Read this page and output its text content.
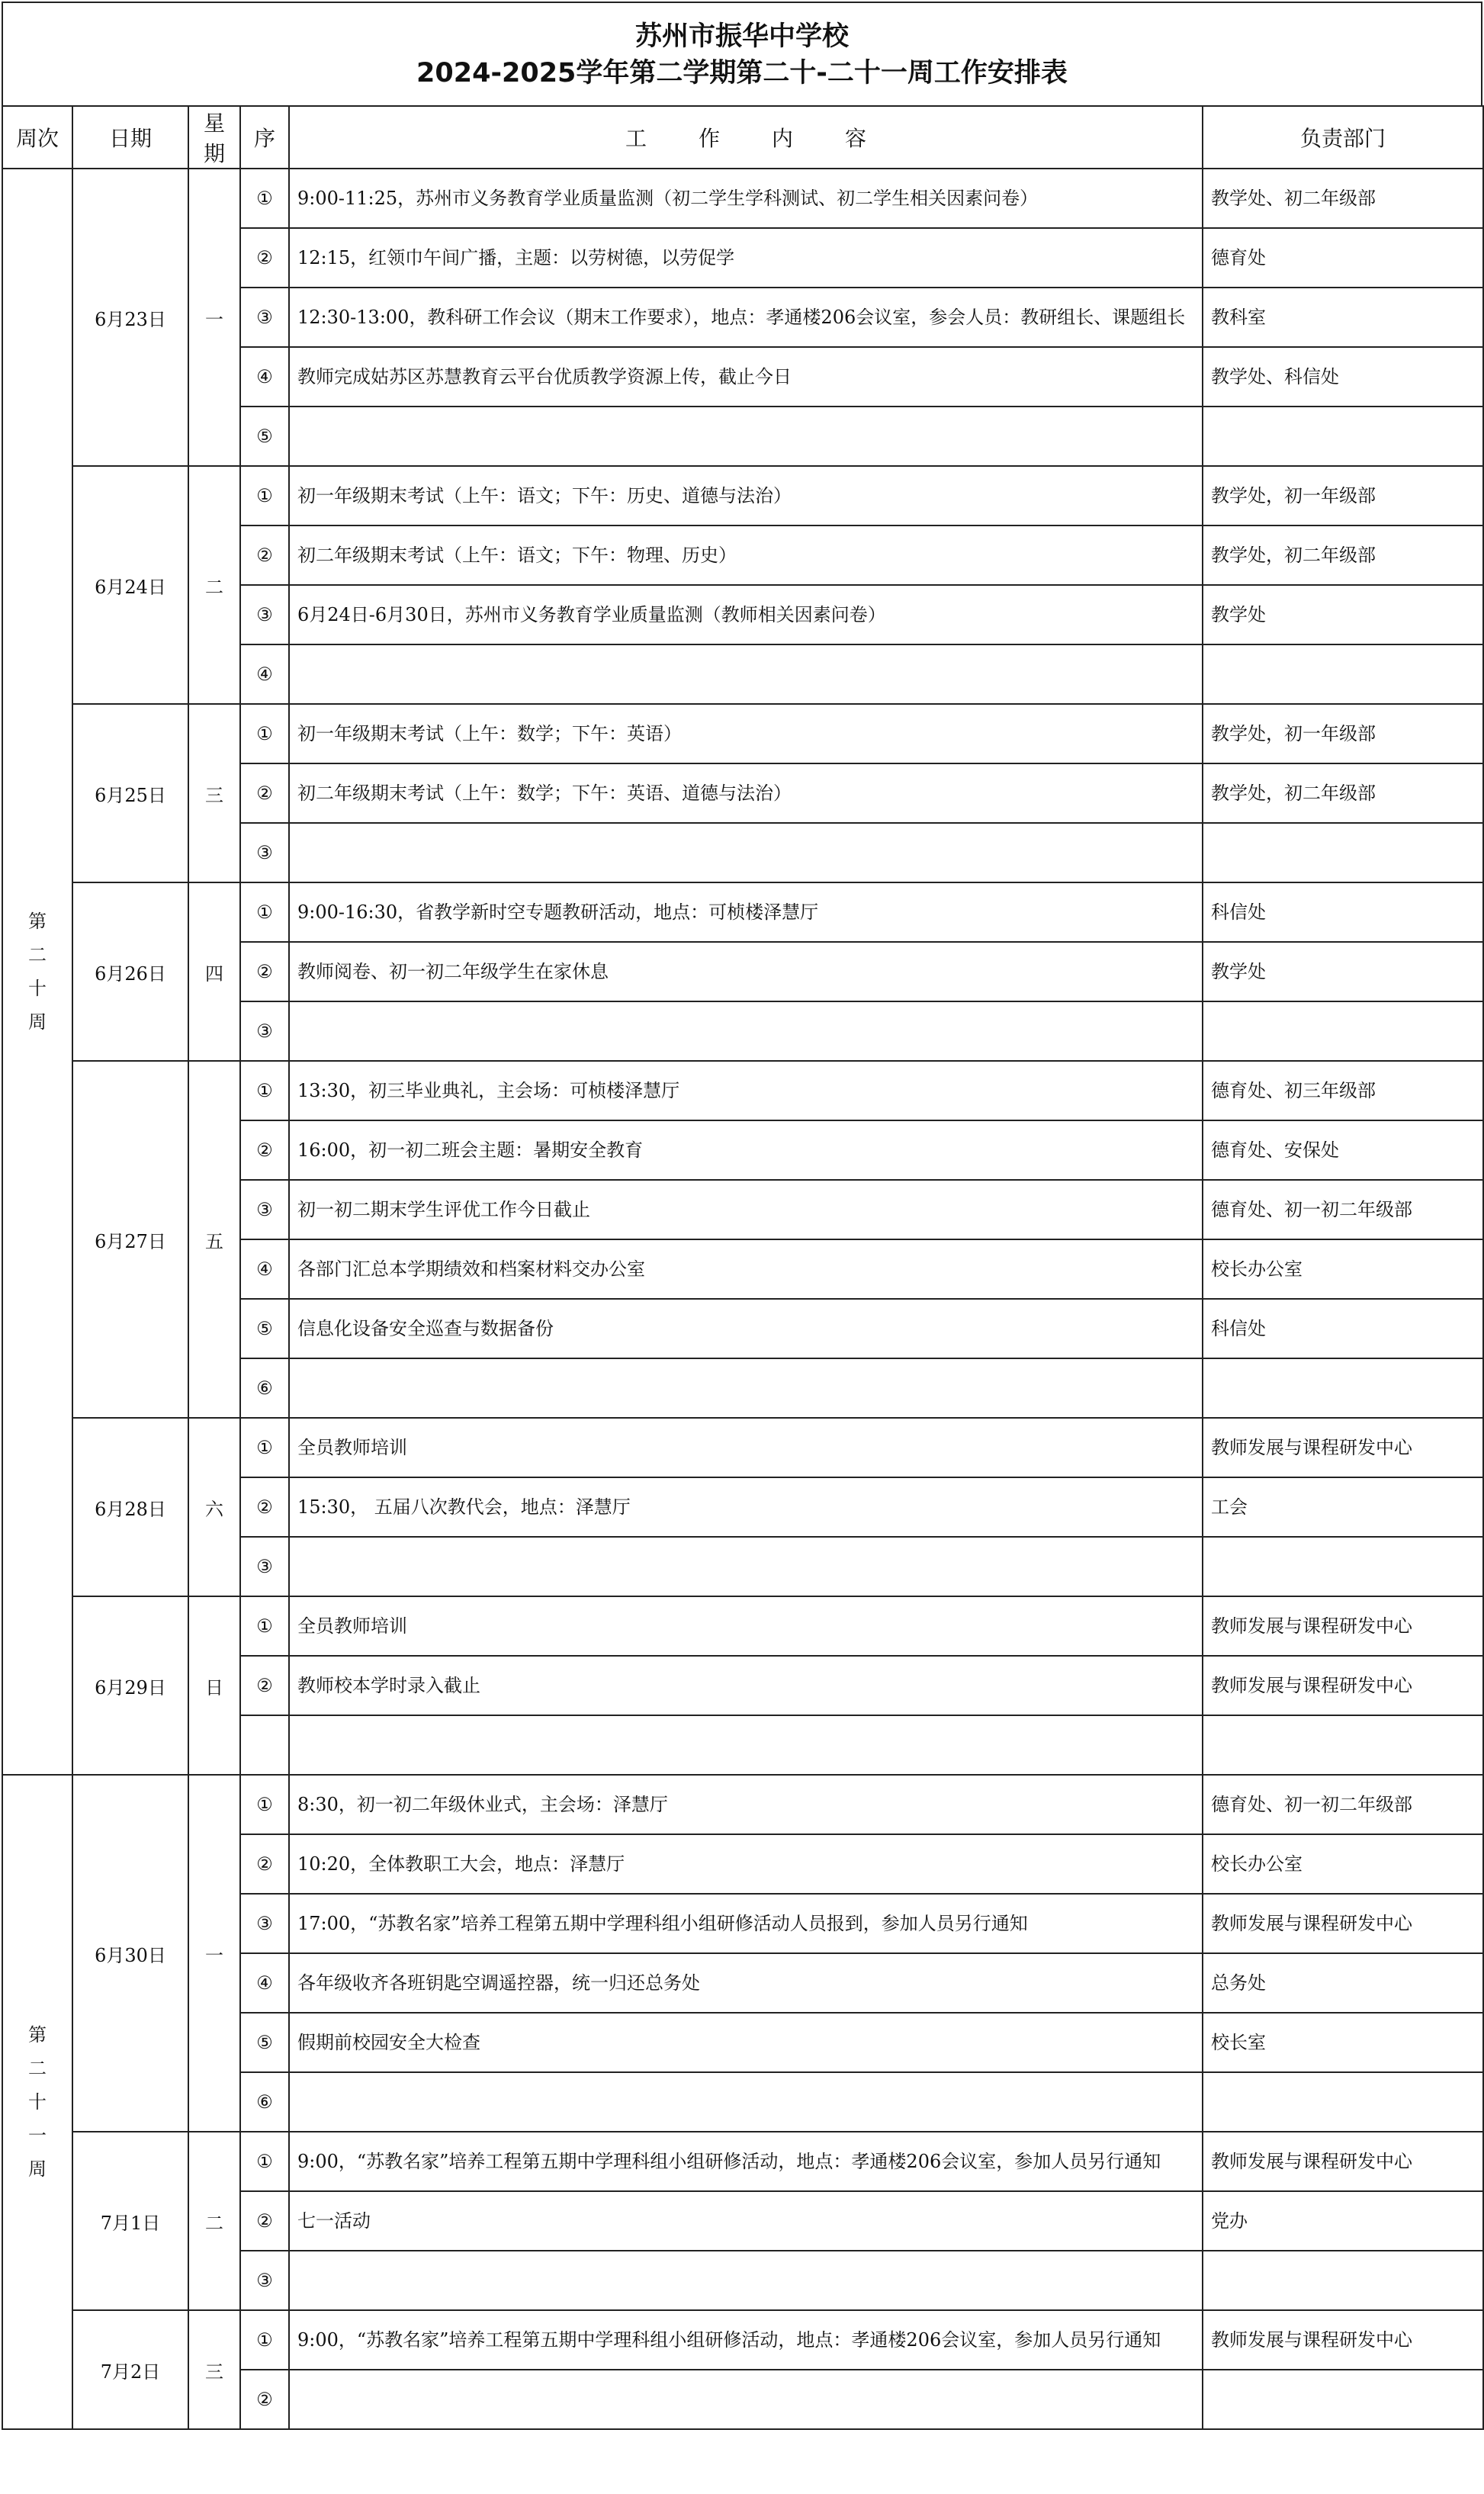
苏州市振华中学校
2024-2025学年第二学期第二十-二十一周工作安排表
周次	日期	星期	序	工作内容	负责部门

第
二
十
周	6月23日	一	①	9:00-11:25，苏州市义务教育学业质量监测（初二学生学科测试、初二学生相关因素问卷）	教学处、初二年级部
			②	12:15，红领巾午间广播，主题：以劳树德，以劳促学	德育处
			③	12:30-13:00，教科研工作会议（期末工作要求），地点：孝通楼206会议室，参会人员：教研组长、课题组长	教科室
			④	教师完成姑苏区苏慧教育云平台优质教学资源上传，截止今日	教学处、科信处
			⑤		
	6月24日	二	①	初一年级期末考试（上午：语文；下午：历史、道德与法治）	教学处，初一年级部
			②	初二年级期末考试（上午：语文；下午：物理、历史）	教学处，初二年级部
			③	6月24日-6月30日，苏州市义务教育学业质量监测（教师相关因素问卷）	教学处
			④		
	6月25日	三	①	初一年级期末考试（上午：数学；下午：英语）	教学处，初一年级部
			②	初二年级期末考试（上午：数学；下午：英语、道德与法治）	教学处，初二年级部
			③		
	6月26日	四	①	9:00-16:30，省教学新时空专题教研活动，地点：可桢楼泽慧厅	科信处
			②	教师阅卷、初一初二年级学生在家休息	教学处
			③		
	6月27日	五	①	13:30，初三毕业典礼，主会场：可桢楼泽慧厅	德育处、初三年级部
			②	16:00，初一初二班会主题：暑期安全教育	德育处、安保处
			③	初一初二期末学生评优工作今日截止	德育处、初一初二年级部
			④	各部门汇总本学期绩效和档案材料交办公室	校长办公室
			⑤	信息化设备安全巡查与数据备份	科信处
			⑥		
	6月28日	六	①	全员教师培训	教师发展与课程研发中心
			②	15:30， 五届八次教代会，地点：泽慧厅	工会
			③		
	6月29日	日	①	全员教师培训	教师发展与课程研发中心
			②	教师校本学时录入截止	教师发展与课程研发中心

第
二
十
一
周	6月30日	一	①	8:30，初一初二年级休业式，主会场：泽慧厅	德育处、初一初二年级部
			②	10:20，全体教职工大会，地点：泽慧厅	校长办公室
			③	17:00，“苏教名家”培养工程第五期中学理科组小组研修活动人员报到，参加人员另行通知	教师发展与课程研发中心
			④	各年级收齐各班钥匙空调遥控器，统一归还总务处	总务处
			⑤	假期前校园安全大检查	校长室
			⑥		
	7月1日	二	①	9:00，“苏教名家”培养工程第五期中学理科组小组研修活动，地点：孝通楼206会议室，参加人员另行通知	教师发展与课程研发中心
			②	七一活动	党办
			③		
	7月2日	三	①	9:00，“苏教名家”培养工程第五期中学理科组小组研修活动，地点：孝通楼206会议室，参加人员另行通知	教师发展与课程研发中心
			②		
